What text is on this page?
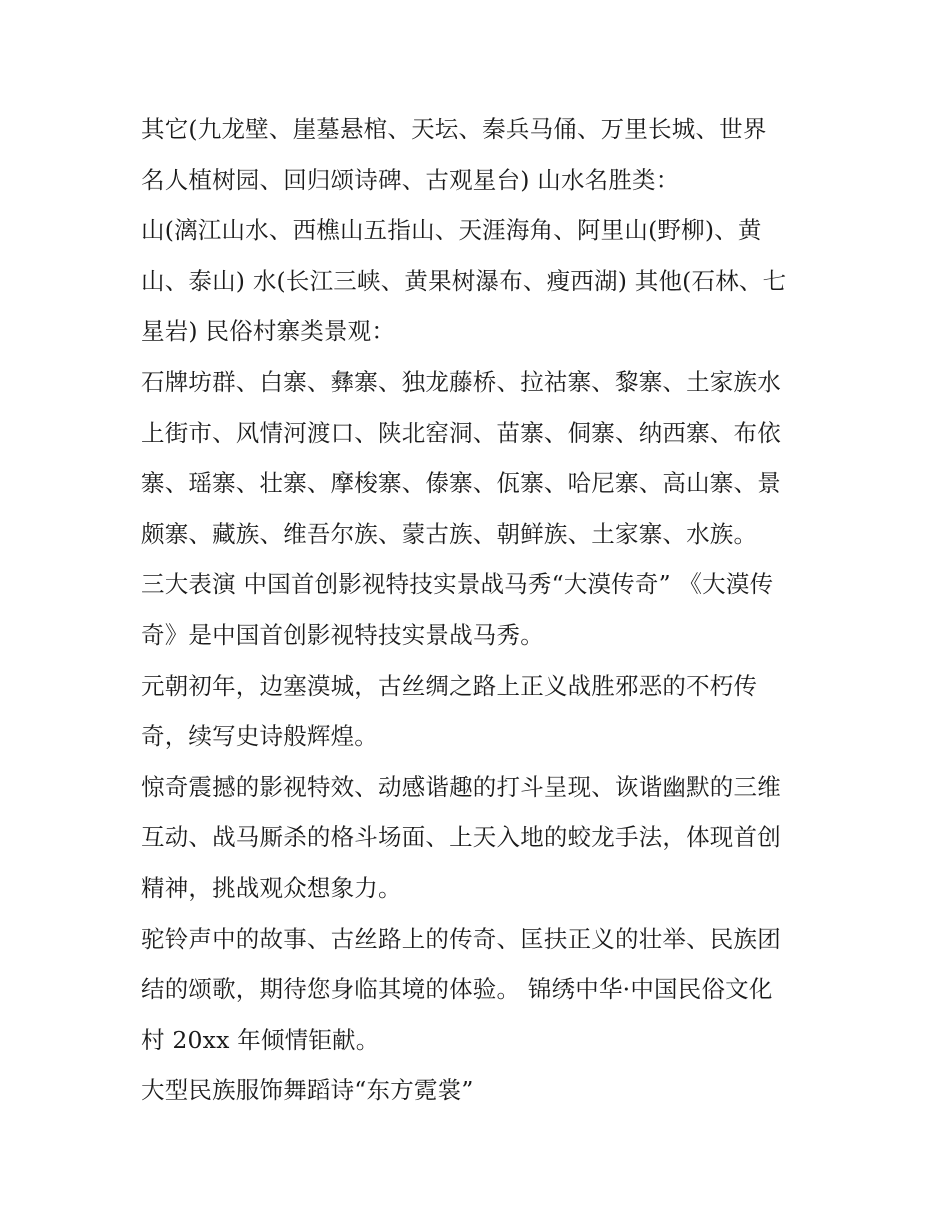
其它(九龙壁、崖墓悬棺、天坛、秦兵马俑、万里长城、世界
名人植树园、回归颂诗碑、古观星台) 山水名胜类：

山(漓江山水、西樵山五指山、天涯海角、阿里山(野柳)、黄
山、泰山) 水(长江三峡、黄果树瀑布、瘦西湖) 其他(石林、七
星岩) 民俗村寨类景观：

石牌坊群、白寨、彝寨、独龙藤桥、拉祜寨、黎寨、土家族水
上街市、风情河渡口、陕北窑洞、苗寨、侗寨、纳西寨、布依
寨、瑶寨、壮寨、摩梭寨、傣寨、佤寨、哈尼寨、高山寨、景
颇寨、藏族、维吾尔族、蒙古族、朝鲜族、土家寨、水族。

三大表演 中国首创影视特技实景战马秀“大漠传奇” 《大漠传
奇》是中国首创影视特技实景战马秀。

元朝初年，边塞漠城，古丝绸之路上正义战胜邪恶的不朽传
奇，续写史诗般辉煌。

惊奇震撼的影视特效、动感谐趣的打斗呈现、诙谐幽默的三维
互动、战马厮杀的格斗场面、上天入地的蛟龙手法，体现首创
精神，挑战观众想象力。

驼铃声中的故事、古丝路上的传奇、匡扶正义的壮举、民族团
结的颂歌，期待您身临其境的体验。 锦绣中华·中国民俗文化
村 20xx 年倾情钜献。

大型民族服饰舞蹈诗“东方霓裳”
